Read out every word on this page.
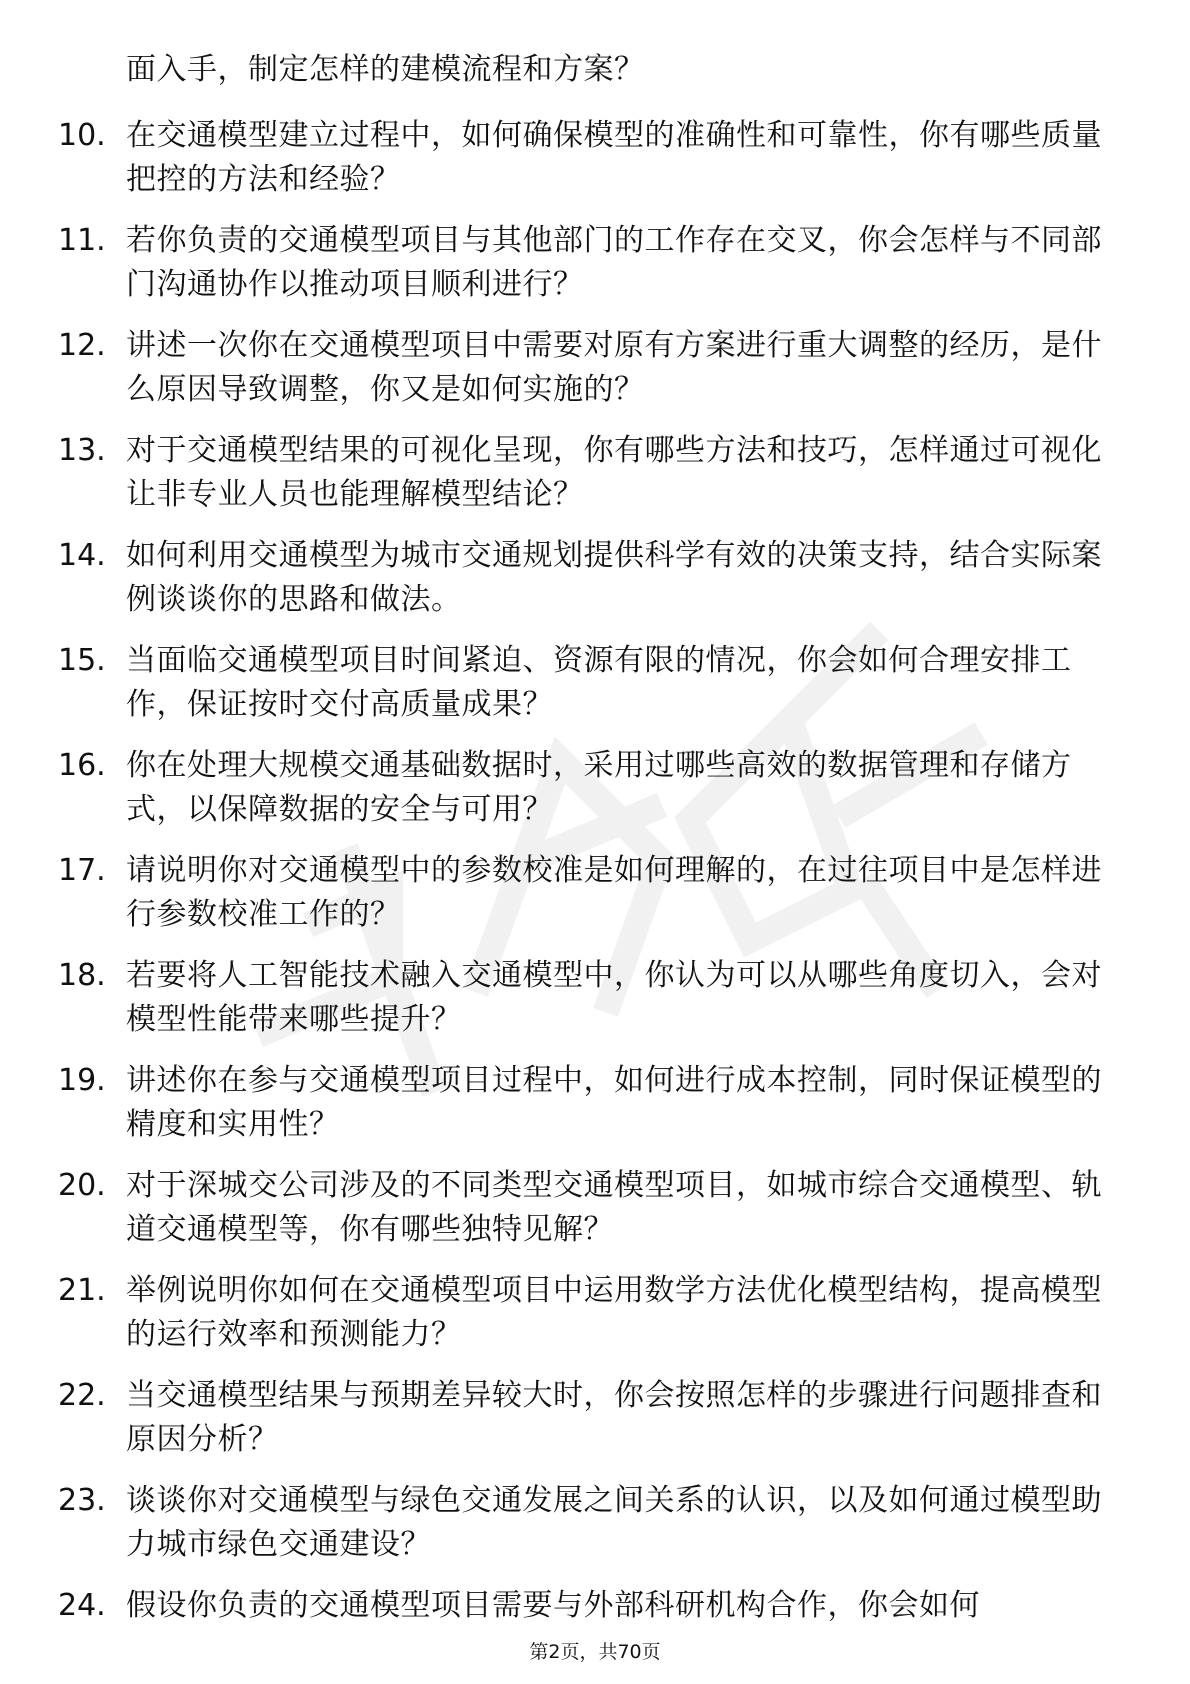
面入手，制定怎样的建模流程和方案？
10. 在交通模型建立过程中，如何确保模型的准确性和可靠性，你有哪些质量把控的方法和经验？
11. 若你负责的交通模型项目与其他部门的工作存在交叉，你会怎样与不同部门沟通协作以推动项目顺利进行？
12. 讲述一次你在交通模型项目中需要对原有方案进行重大调整的经历，是什么原因导致调整，你又是如何实施的？
13. 对于交通模型结果的可视化呈现，你有哪些方法和技巧，怎样通过可视化让非专业人员也能理解模型结论？
14. 如何利用交通模型为城市交通规划提供科学有效的决策支持，结合实际案例谈谈你的思路和做法。
15. 当面临交通模型项目时间紧迫、资源有限的情况，你会如何合理安排工作，保证按时交付高质量成果？
16. 你在处理大规模交通基础数据时，采用过哪些高效的数据管理和存储方式，以保障数据的安全与可用？
17. 请说明你对交通模型中的参数校准是如何理解的，在过往项目中是怎样进行参数校准工作的？
18. 若要将人工智能技术融入交通模型中，你认为可以从哪些角度切入，会对模型性能带来哪些提升？
19. 讲述你在参与交通模型项目过程中，如何进行成本控制，同时保证模型的精度和实用性？
20. 对于深城交公司涉及的不同类型交通模型项目，如城市综合交通模型、轨道交通模型等，你有哪些独特见解？
21. 举例说明你如何在交通模型项目中运用数学方法优化模型结构，提高模型的运行效率和预测能力？
22. 当交通模型结果与预期差异较大时，你会按照怎样的步骤进行问题排查和原因分析？
23. 谈谈你对交通模型与绿色交通发展之间关系的认识，以及如何通过模型助力城市绿色交通建设？
24. 假设你负责的交通模型项目需要与外部科研机构合作，你会如何
第2页，共70页
